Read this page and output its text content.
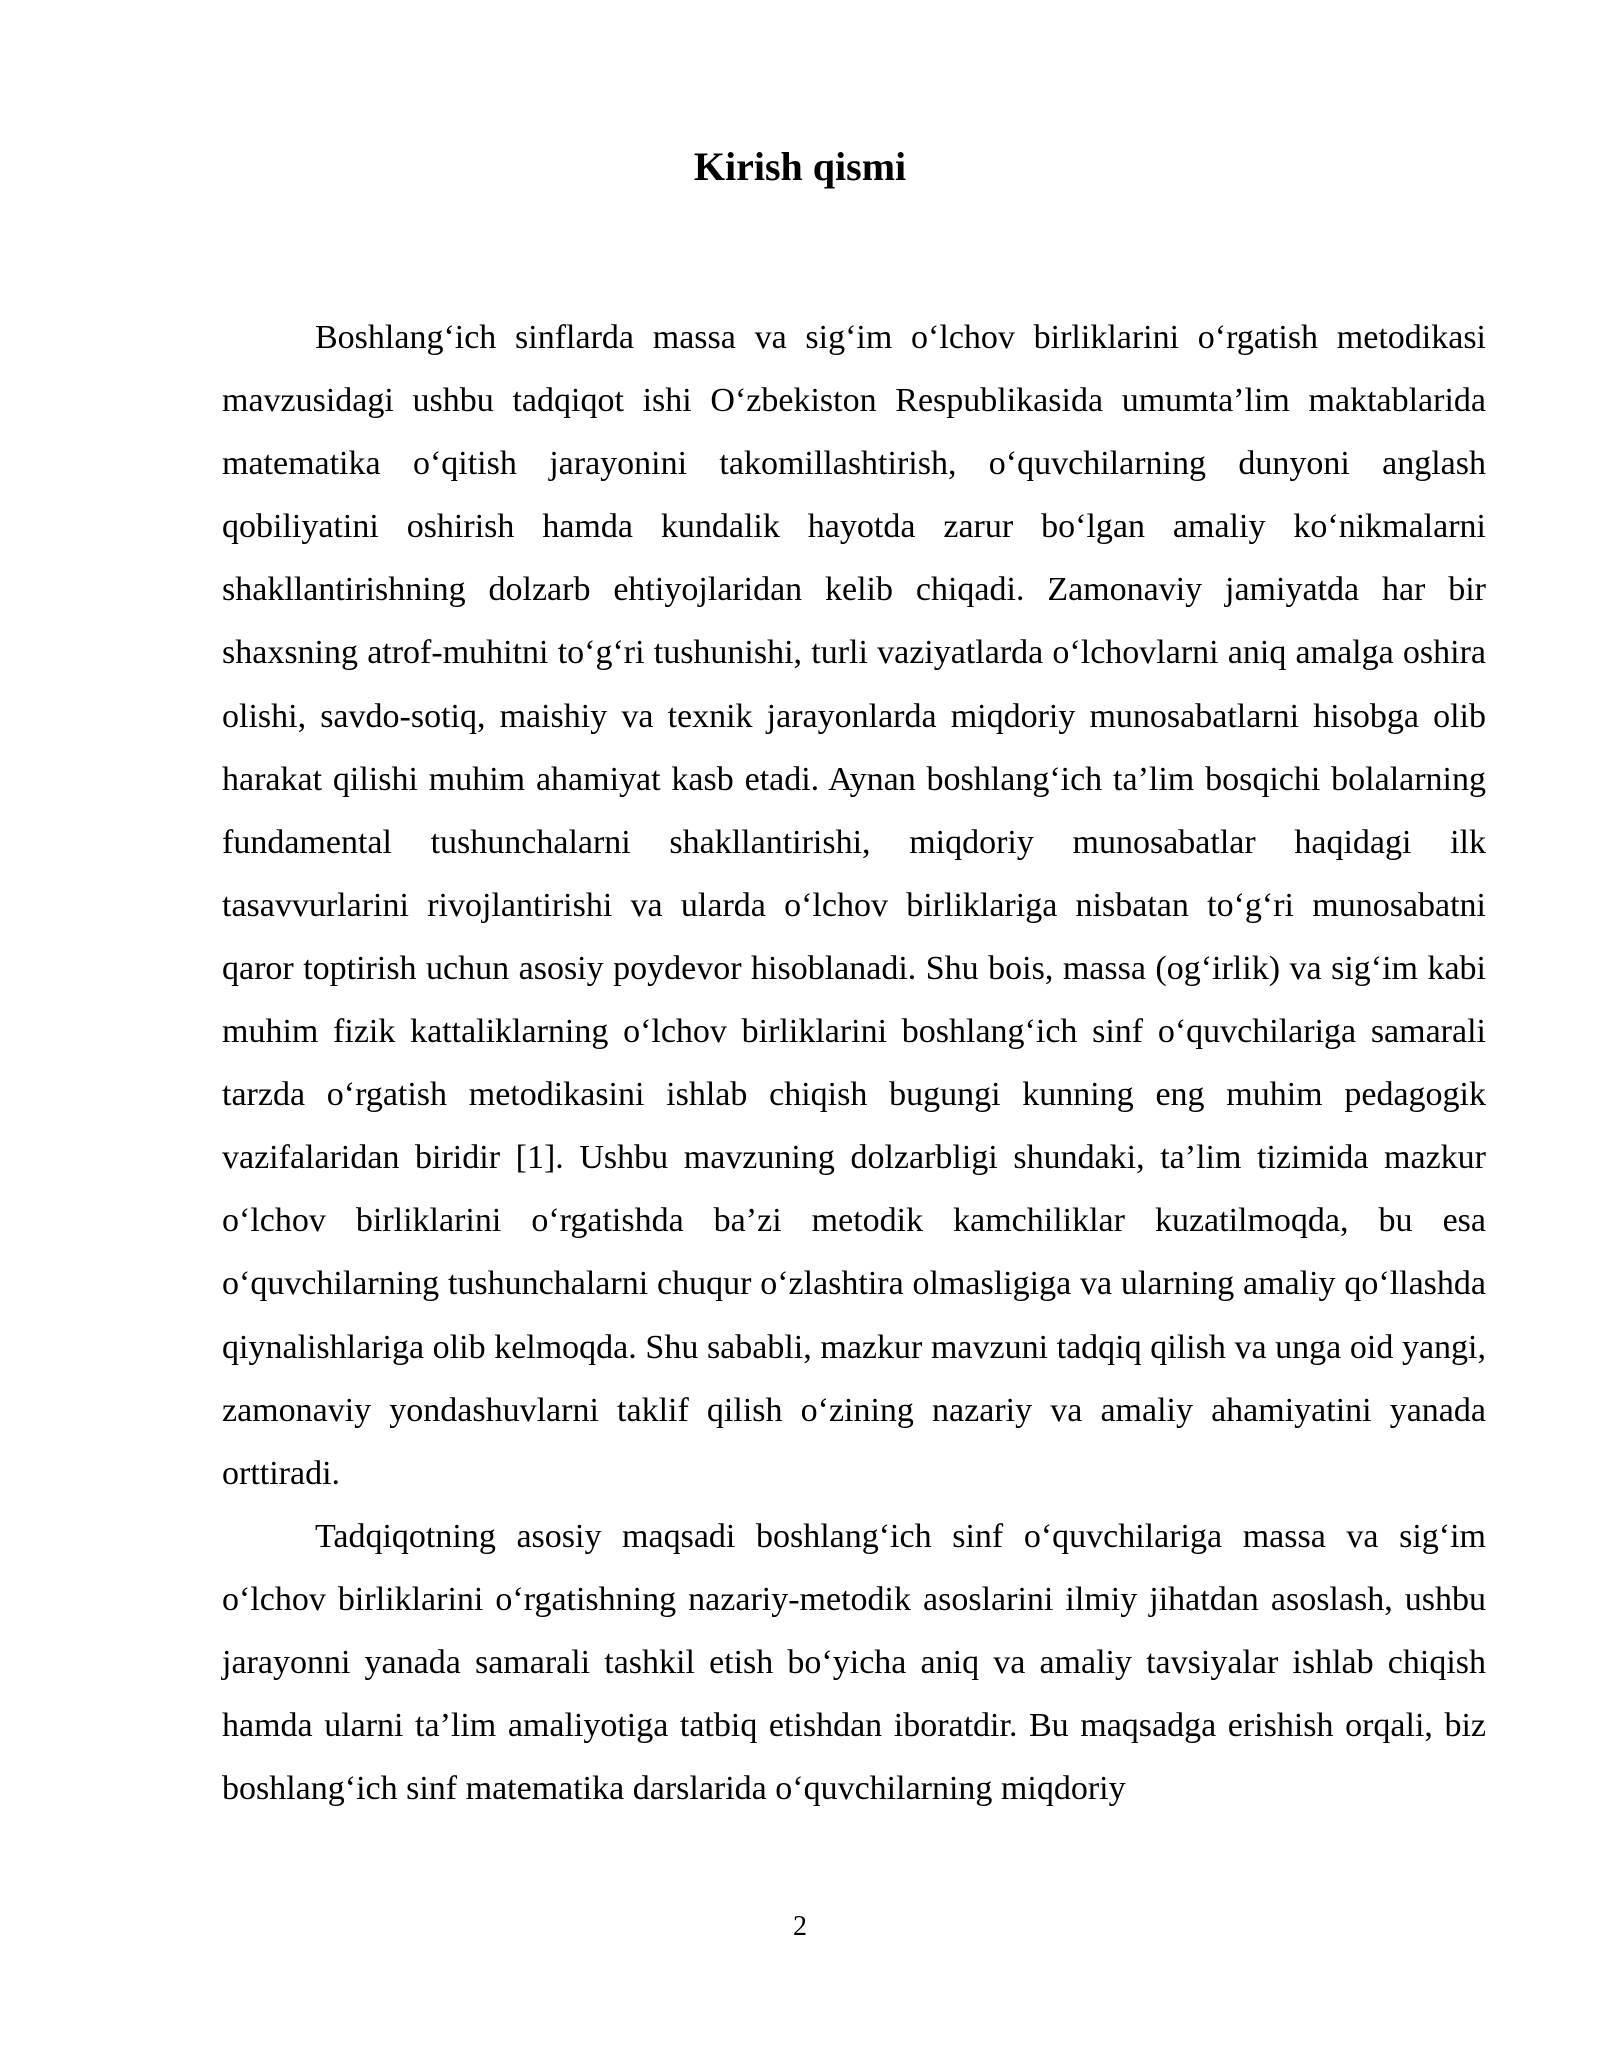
Kirish qismi

Boshlang‘ich sinflarda massa va sig‘im o‘lchov birliklarini o‘rgatish metodikasi mavzusidagi ushbu tadqiqot ishi O‘zbekiston Respublikasida umumta’lim maktablarida matematika o‘qitish jarayonini takomillashtirish, o‘quvchilarning dunyoni anglash qobiliyatini oshirish hamda kundalik hayotda zarur bo‘lgan amaliy ko‘nikmalarni shakllantirishning dolzarb ehtiyojlaridan kelib chiqadi. Zamonaviy jamiyatda har bir shaxsning atrof-muhitni to‘g‘ri tushunishi, turli vaziyatlarda o‘lchovlarni aniq amalga oshira olishi, savdo-sotiq, maishiy va texnik jarayonlarda miqdoriy munosabatlarni hisobga olib harakat qilishi muhim ahamiyat kasb etadi. Aynan boshlang‘ich ta’lim bosqichi bolalarning fundamental tushunchalarni shakllantirishi, miqdoriy munosabatlar haqidagi ilk tasavvurlarini rivojlantirishi va ularda o‘lchov birliklariga nisbatan to‘g‘ri munosabatni qaror toptirish uchun asosiy poydevor hisoblanadi. Shu bois, massa (og‘irlik) va sig‘im kabi muhim fizik kattaliklarning o‘lchov birliklarini boshlang‘ich sinf o‘quvchilariga samarali tarzda o‘rgatish metodikasini ishlab chiqish bugungi kunning eng muhim pedagogik vazifalaridan biridir [1]. Ushbu mavzuning dolzarbligi shundaki, ta’lim tizimida mazkur o‘lchov birliklarini o‘rgatishda ba’zi metodik kamchiliklar kuzatilmoqda, bu esa o‘quvchilarning tushunchalarni chuqur o‘zlashtira olmasligiga va ularning amaliy qo‘llashda qiynalishlariga olib kelmoqda. Shu sababli, mazkur mavzuni tadqiq qilish va unga oid yangi, zamonaviy yondashuvlarni taklif qilish o‘zining nazariy va amaliy ahamiyatini yanada orttiradi.

Tadqiqotning asosiy maqsadi boshlang‘ich sinf o‘quvchilariga massa va sig‘im o‘lchov birliklarini o‘rgatishning nazariy-metodik asoslarini ilmiy jihatdan asoslash, ushbu jarayonni yanada samarali tashkil etish bo‘yicha aniq va amaliy tavsiyalar ishlab chiqish hamda ularni ta’lim amaliyotiga tatbiq etishdan iboratdir. Bu maqsadga erishish orqali, biz boshlang‘ich sinf matematika darslarida o‘quvchilarning miqdoriy

2
